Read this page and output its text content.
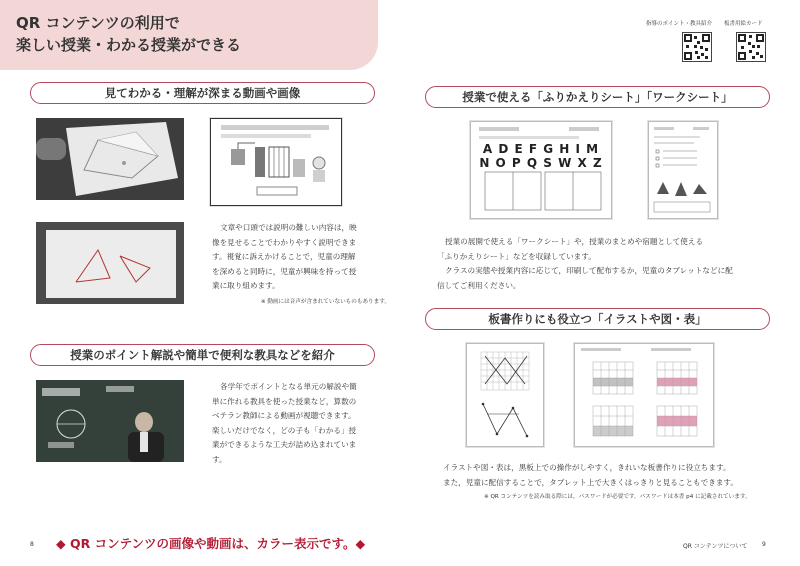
QR コンテンツの利用で
楽しい授業・わかる授業ができる
見てわかる・理解が深まる動画や画像
文章や口頭では説明の難しい内容は，映
像を見せることでわかりやすく説明できま
す。視覚に訴えかけることで，児童の理解
を深めると同時に，児童が興味を持って授
業に取り組めます。
※ 動画には音声が含まれていないものもあります。
授業のポイント解説や簡単で便利な教具などを紹介
各学年でポイントとなる単元の解説や簡
単に作れる教具を使った授業など，算数の
ベテラン教師による動画が視聴できます。
楽しいだけでなく，どの子も「わかる」授
業ができるような工夫が詰め込まれていま
す。
8 ◆ QR コンテンツの画像や動画は、カラー表示です。◆
指導のポイント・教具紹介 板書用絵カード
授業で使える「ふりかえりシート」「ワークシート」
A D E F G H I M
N O P Q S W X Z
授業の展開で使える「ワークシート」や，授業のまとめや宿題として使える
「ふりかえりシート」などを収録しています。
クラスの実態や授業内容に応じて，印刷して配布するか，児童のタブレットなどに配
信してご利用ください。
板書作りにも役立つ「イラストや図・表」
イラストや図・表は，黒板上での操作がしやすく，きれいな板書作りに役立ちます。
また，児童に配信することで，タブレット上で大きくはっきりと見ることもできます。
※ QR コンテンツを読み取る際には，パスワードが必要です。パスワードは本書 p4 に記載されています。
QR コンテンツについて 9
